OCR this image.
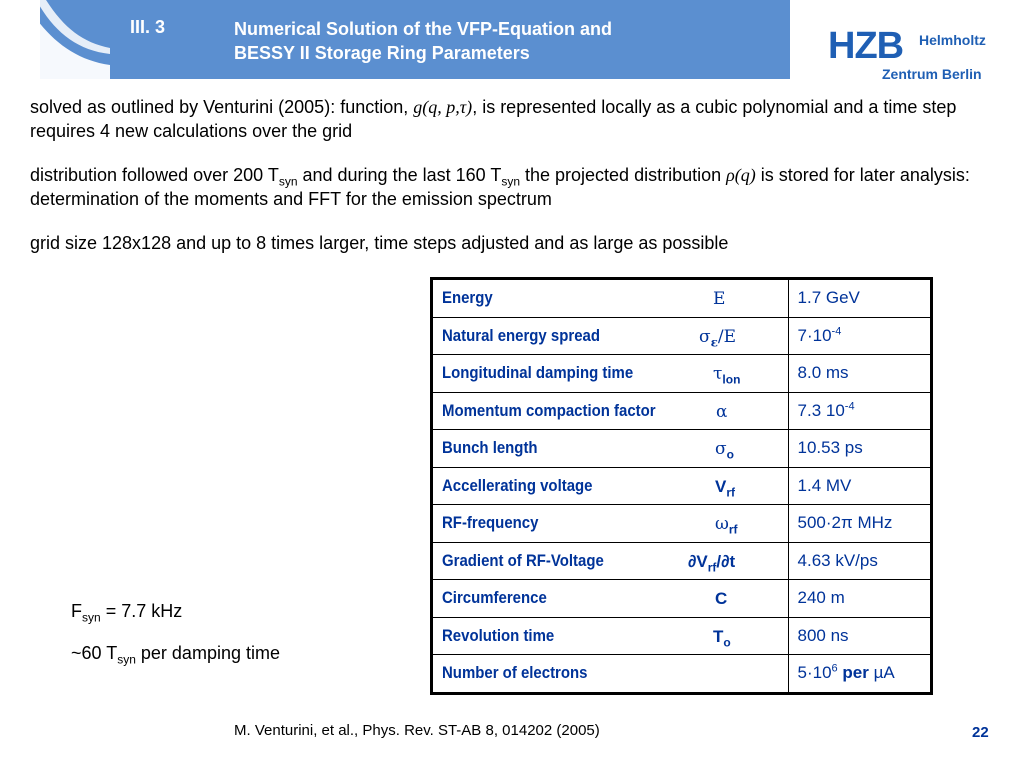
III. 3	Numerical Solution of the VFP-Equation and
BESSY II Storage Ring Parameters	HZB Helmholtz
Zentrum Berlin
solved as outlined by Venturini (2005): function, g(q, p,τ), is represented locally as a cubic polynomial and a time step requires 4 new calculations over the grid
distribution followed over 200 $T_{syn}$ and during the last 160 $T_{syn}$ the projected distribution ρ(q) is stored for later analysis: determination of the moments and FFT for the emission spectrum
grid size 128x128 and up to 8 times larger, time steps adjusted and as large as possible
Energy E	1.7 GeV
Natural energy spread $\sigma_\varepsilon/E$	$7\cdot 10^{-4}$
Longitudinal damping time $\tau_{lon}$	8.0 ms
Momentum compaction factor α	7.3 $10^{-4}$
Bunch length $\sigma_o$	10.53 ps
Accellerating voltage $V_{rf}$	1.4 MV
RF-frequency $\omega_{rf}$	500·2π MHz
Gradient of RF-Voltage $\partial V_{rf}/\partial t$	4.63 kV/ps
Circumference C	240 m
Revolution time $T_o$	800 ns
Number of electrons	$5\cdot 10^6$ per µA
$F_{syn} = 7.7$ kHz
~60 $T_{syn}$ per damping time
M. Venturini, et al., Phys. Rev. ST-AB 8, 014202 (2005)	22
